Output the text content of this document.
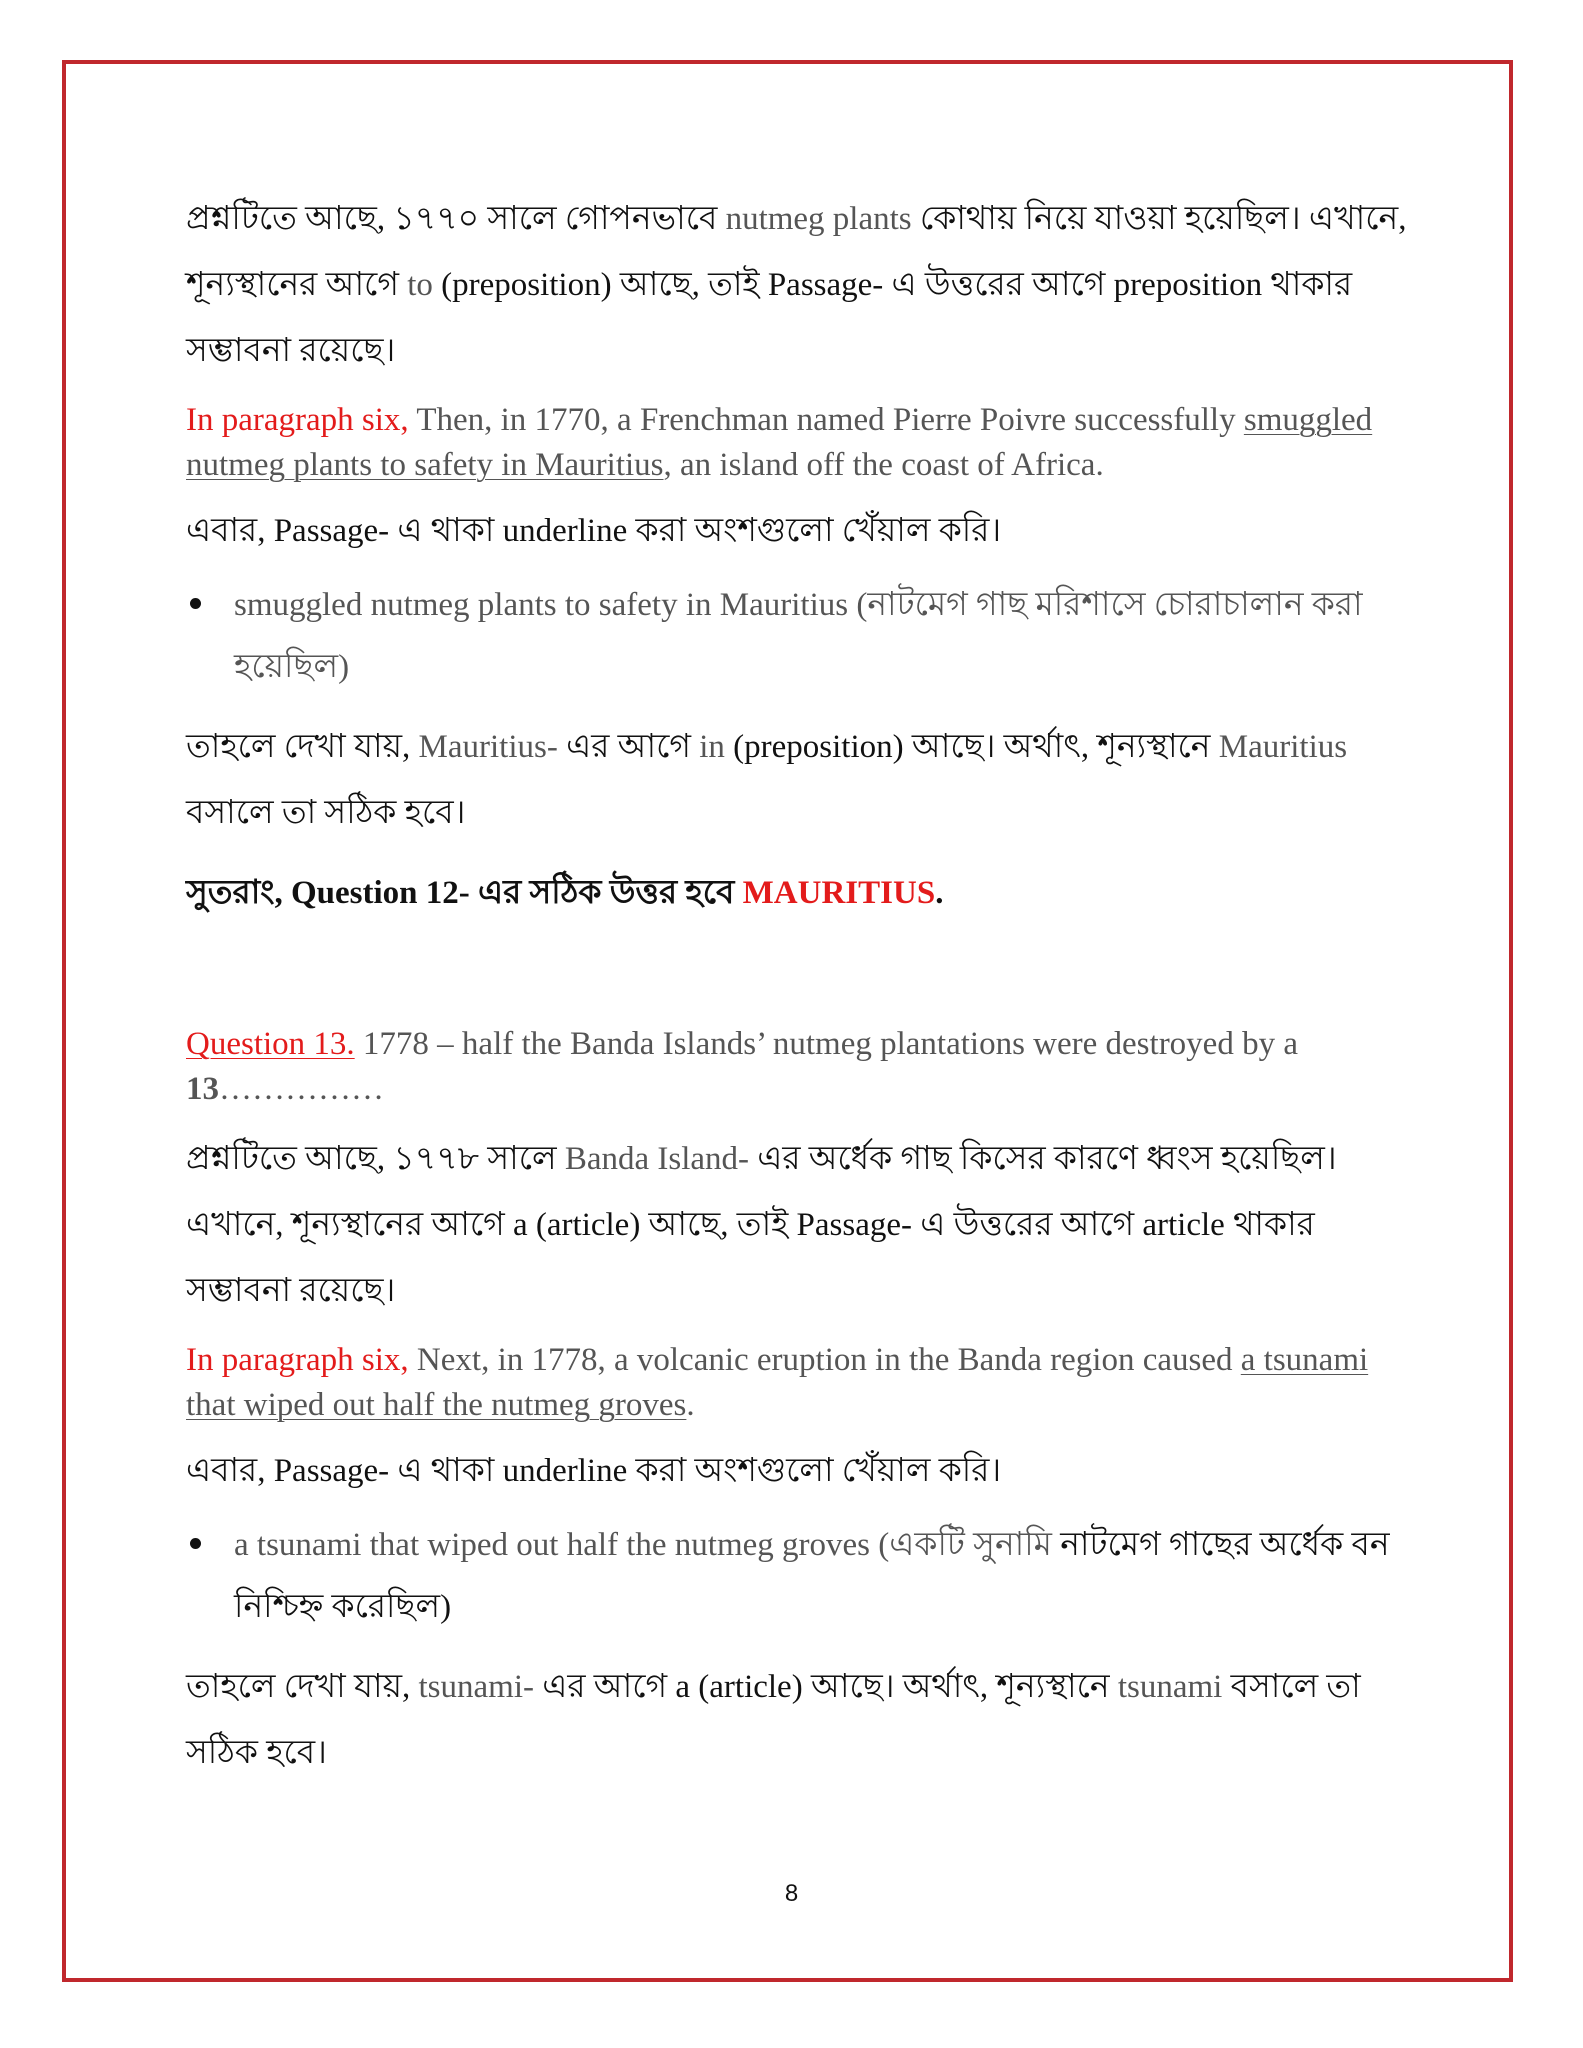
প্রশ্নটিতে আছে, ১৭৭০ সালে গোপনভাবে nutmeg plants কোথায় নিয়ে যাওয়া হয়েছিল। এখানে, শূন্যস্থানের আগে to (preposition) আছে, তাই Passage- এ উত্তরের আগে preposition থাকার সম্ভাবনা রয়েছে।

In paragraph six, Then, in 1770, a Frenchman named Pierre Poivre successfully smuggled nutmeg plants to safety in Mauritius, an island off the coast of Africa.

এবার, Passage- এ থাকা underline করা অংশগুলো খেঁয়াল করি।

smuggled nutmeg plants to safety in Mauritius (নাটমেগ গাছ মরিশাসে চোরাচালান করা হয়েছিল)

তাহলে দেখা যায়, Mauritius- এর আগে in (preposition) আছে। অর্থাৎ, শূন্যস্থানে Mauritius বসালে তা সঠিক হবে।

সুতরাং, Question 12- এর সঠিক উত্তর হবে MAURITIUS.

Question 13. 1778 – half the Banda Islands’ nutmeg plantations were destroyed by a 13……………

প্রশ্নটিতে আছে, ১৭৭৮ সালে Banda Island- এর অর্ধেক গাছ কিসের কারণে ধ্বংস হয়েছিল। এখানে, শূন্যস্থানের আগে a (article) আছে, তাই Passage- এ উত্তরের আগে article থাকার সম্ভাবনা রয়েছে।

In paragraph six, Next, in 1778, a volcanic eruption in the Banda region caused a tsunami that wiped out half the nutmeg groves.

এবার, Passage- এ থাকা underline করা অংশগুলো খেঁয়াল করি।

a tsunami that wiped out half the nutmeg groves (একটি সুনামি নাটমেগ গাছের অর্ধেক বন নিশ্চিহ্ন করেছিল)

তাহলে দেখা যায়, tsunami- এর আগে a (article) আছে। অর্থাৎ, শূন্যস্থানে tsunami বসালে তা সঠিক হবে।

8
